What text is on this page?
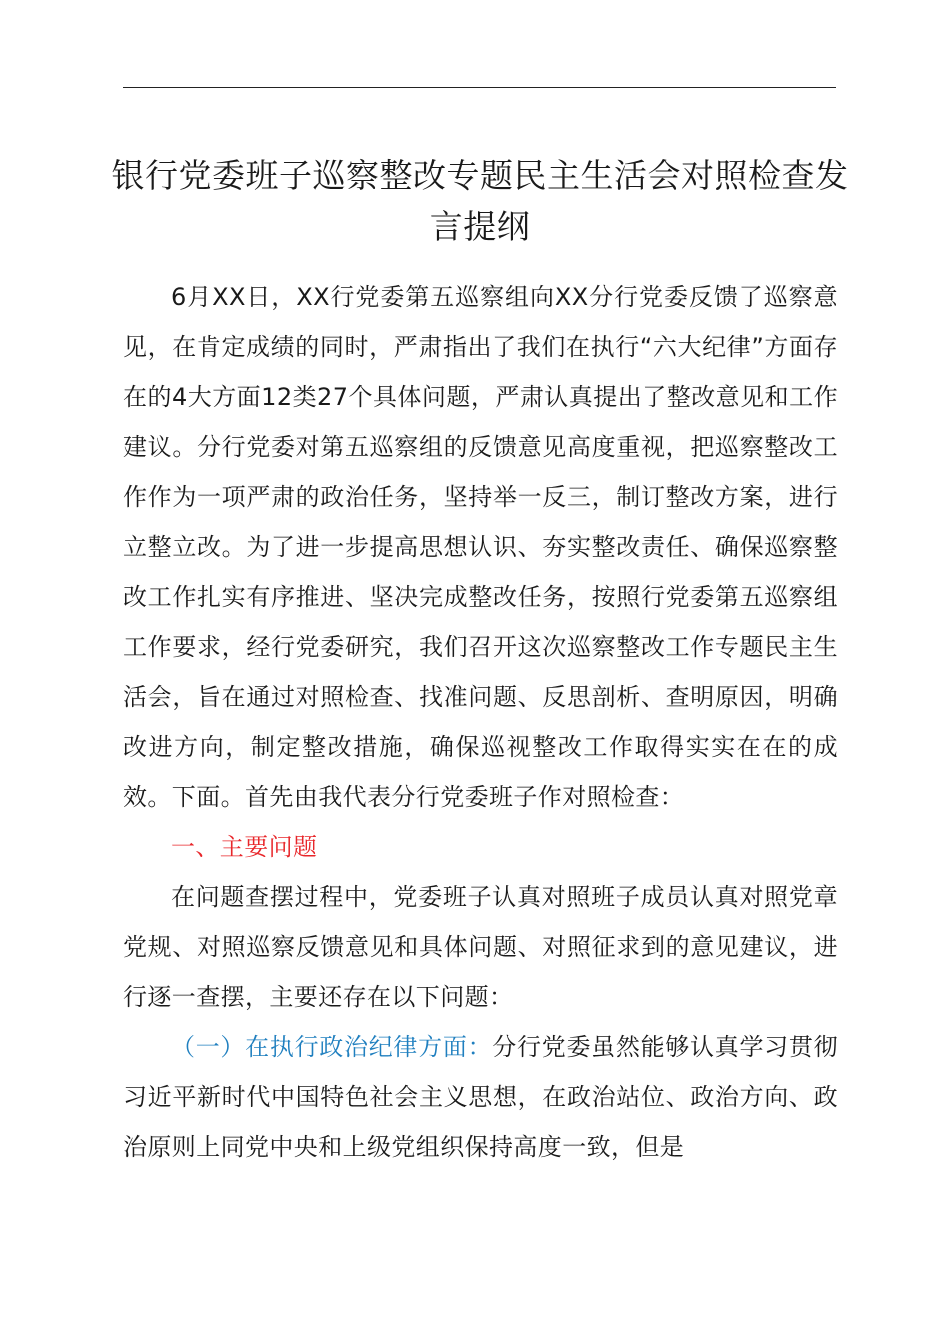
银行党委班子巡察整改专题民主生活会对照检查发言提纲

6月XX日，XX行党委第五巡察组向XX分行党委反馈了巡察意见，在肯定成绩的同时，严肃指出了我们在执行“六大纪律”方面存在的4大方面12类27个具体问题，严肃认真提出了整改意见和工作建议。分行党委对第五巡察组的反馈意见高度重视，把巡察整改工作作为一项严肃的政治任务，坚持举一反三，制订整改方案，进行立整立改。为了进一步提高思想认识、夯实整改责任、确保巡察整改工作扎实有序推进、坚决完成整改任务，按照行党委第五巡察组工作要求，经行党委研究，我们召开这次巡察整改工作专题民主生活会，旨在通过对照检查、找准问题、反思剖析、查明原因，明确改进方向，制定整改措施，确保巡视整改工作取得实实在在的成效。下面。首先由我代表分行党委班子作对照检查：

一、主要问题

在问题查摆过程中，党委班子认真对照班子成员认真对照党章党规、对照巡察反馈意见和具体问题、对照征求到的意见建议，进行逐一查摆，主要还存在以下问题：

（一）在执行政治纪律方面：分行党委虽然能够认真学习贯彻习近平新时代中国特色社会主义思想，在政治站位、政治方向、政治原则上同党中央和上级党组织保持高度一致，但是
